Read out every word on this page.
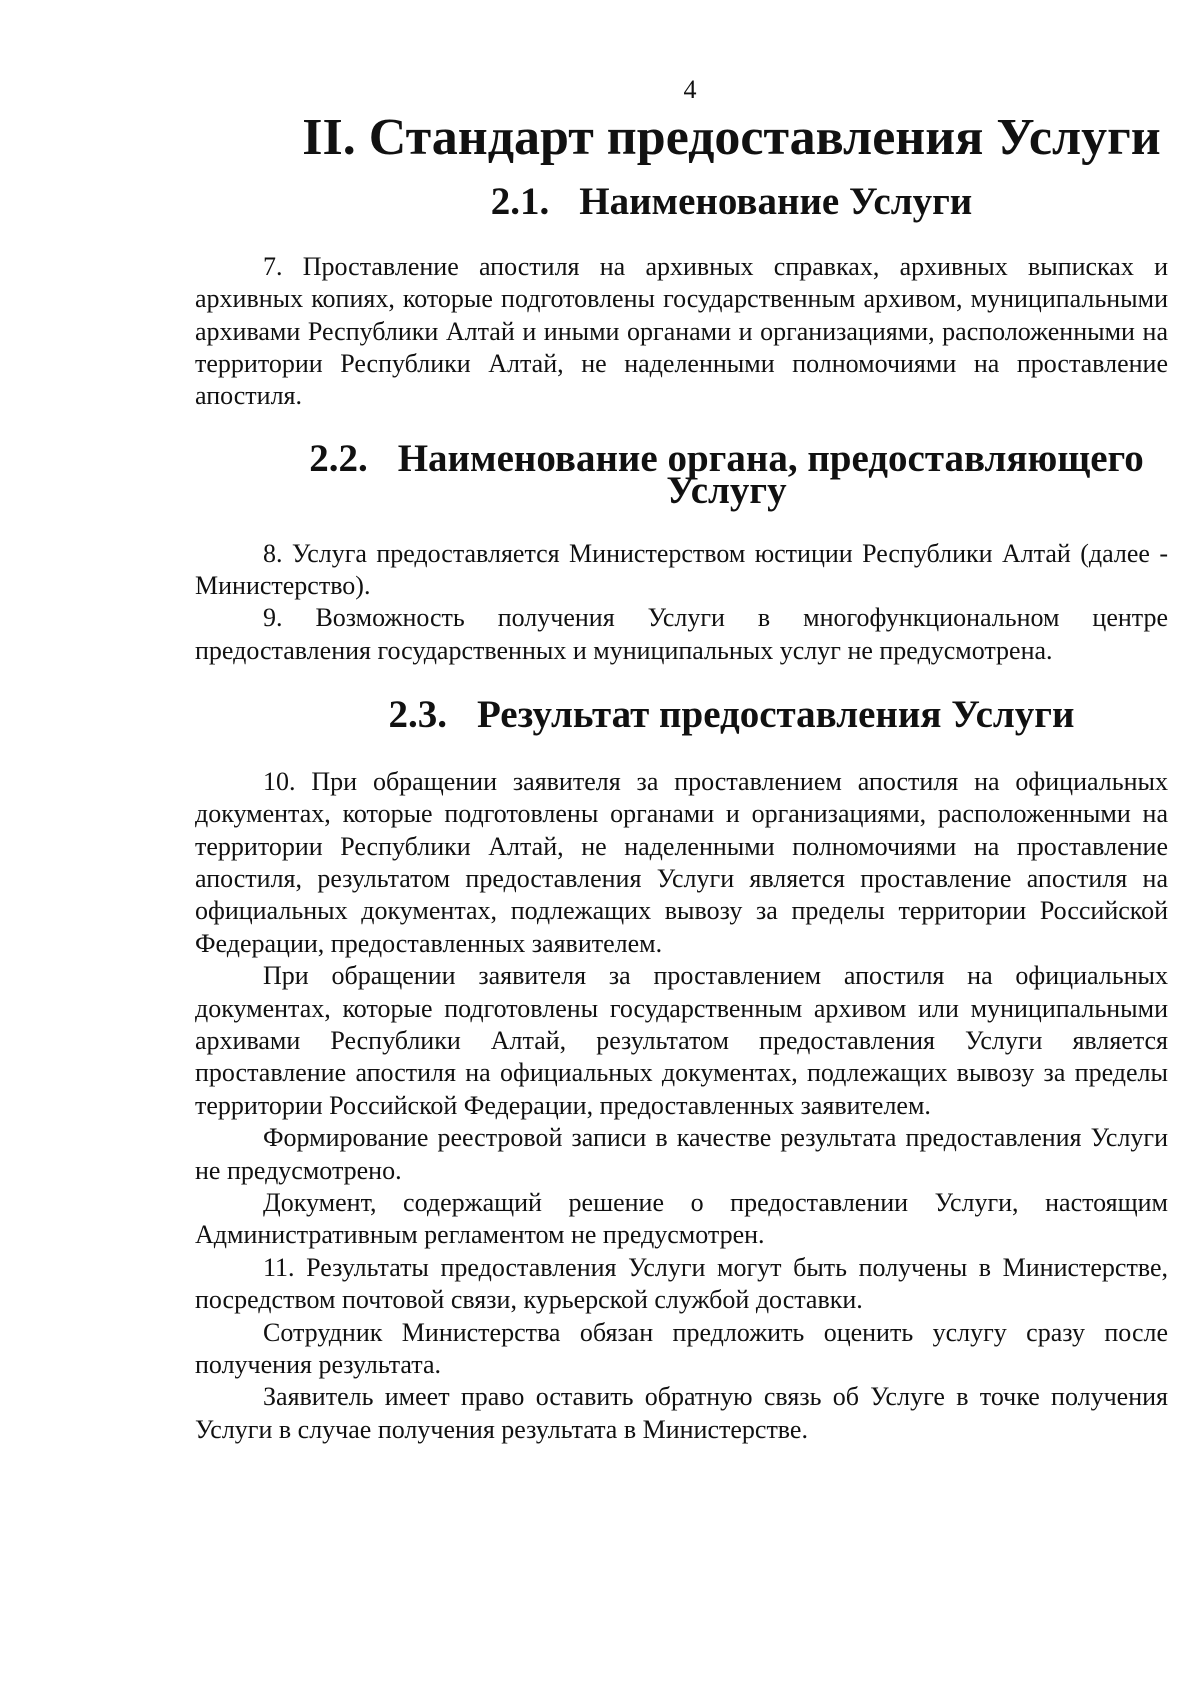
4
II. Стандарт предоставления Услуги
2.1. Наименование Услуги

7. Проставление апостиля на архивных справках, архивных выписках и архивных копиях, которые подготовлены государственным архивом, муниципальными архивами Республики Алтай и иными органами и организациями, расположенными на территории Республики Алтай, не наделенными полномочиями на проставление апостиля.

2.2. Наименование органа, предоставляющего Услугу

8. Услуга предоставляется Министерством юстиции Республики Алтай (далее - Министерство).

9. Возможность получения Услуги в многофункциональном центре предоставления государственных и муниципальных услуг не предусмотрена.

2.3. Результат предоставления Услуги

10. При обращении заявителя за проставлением апостиля на официальных документах, которые подготовлены органами и организациями, расположенными на территории Республики Алтай, не наделенными полномочиями на проставление апостиля, результатом предоставления Услуги является проставление апостиля на официальных документах, подлежащих вывозу за пределы территории Российской Федерации, предоставленных заявителем.

При обращении заявителя за проставлением апостиля на официальных документах, которые подготовлены государственным архивом или муниципальными архивами Республики Алтай, результатом предоставления Услуги является проставление апостиля на официальных документах, подлежащих вывозу за пределы территории Российской Федерации, предоставленных заявителем.

Формирование реестровой записи в качестве результата предоставления Услуги не предусмотрено.

Документ, содержащий решение о предоставлении Услуги, настоящим Административным регламентом не предусмотрен.

11. Результаты предоставления Услуги могут быть получены в Министерстве, посредством почтовой связи, курьерской службой доставки.

Сотрудник Министерства обязан предложить оценить услугу сразу после получения результата.

Заявитель имеет право оставить обратную связь об Услуге в точке получения Услуги в случае получения результата в Министерстве.
